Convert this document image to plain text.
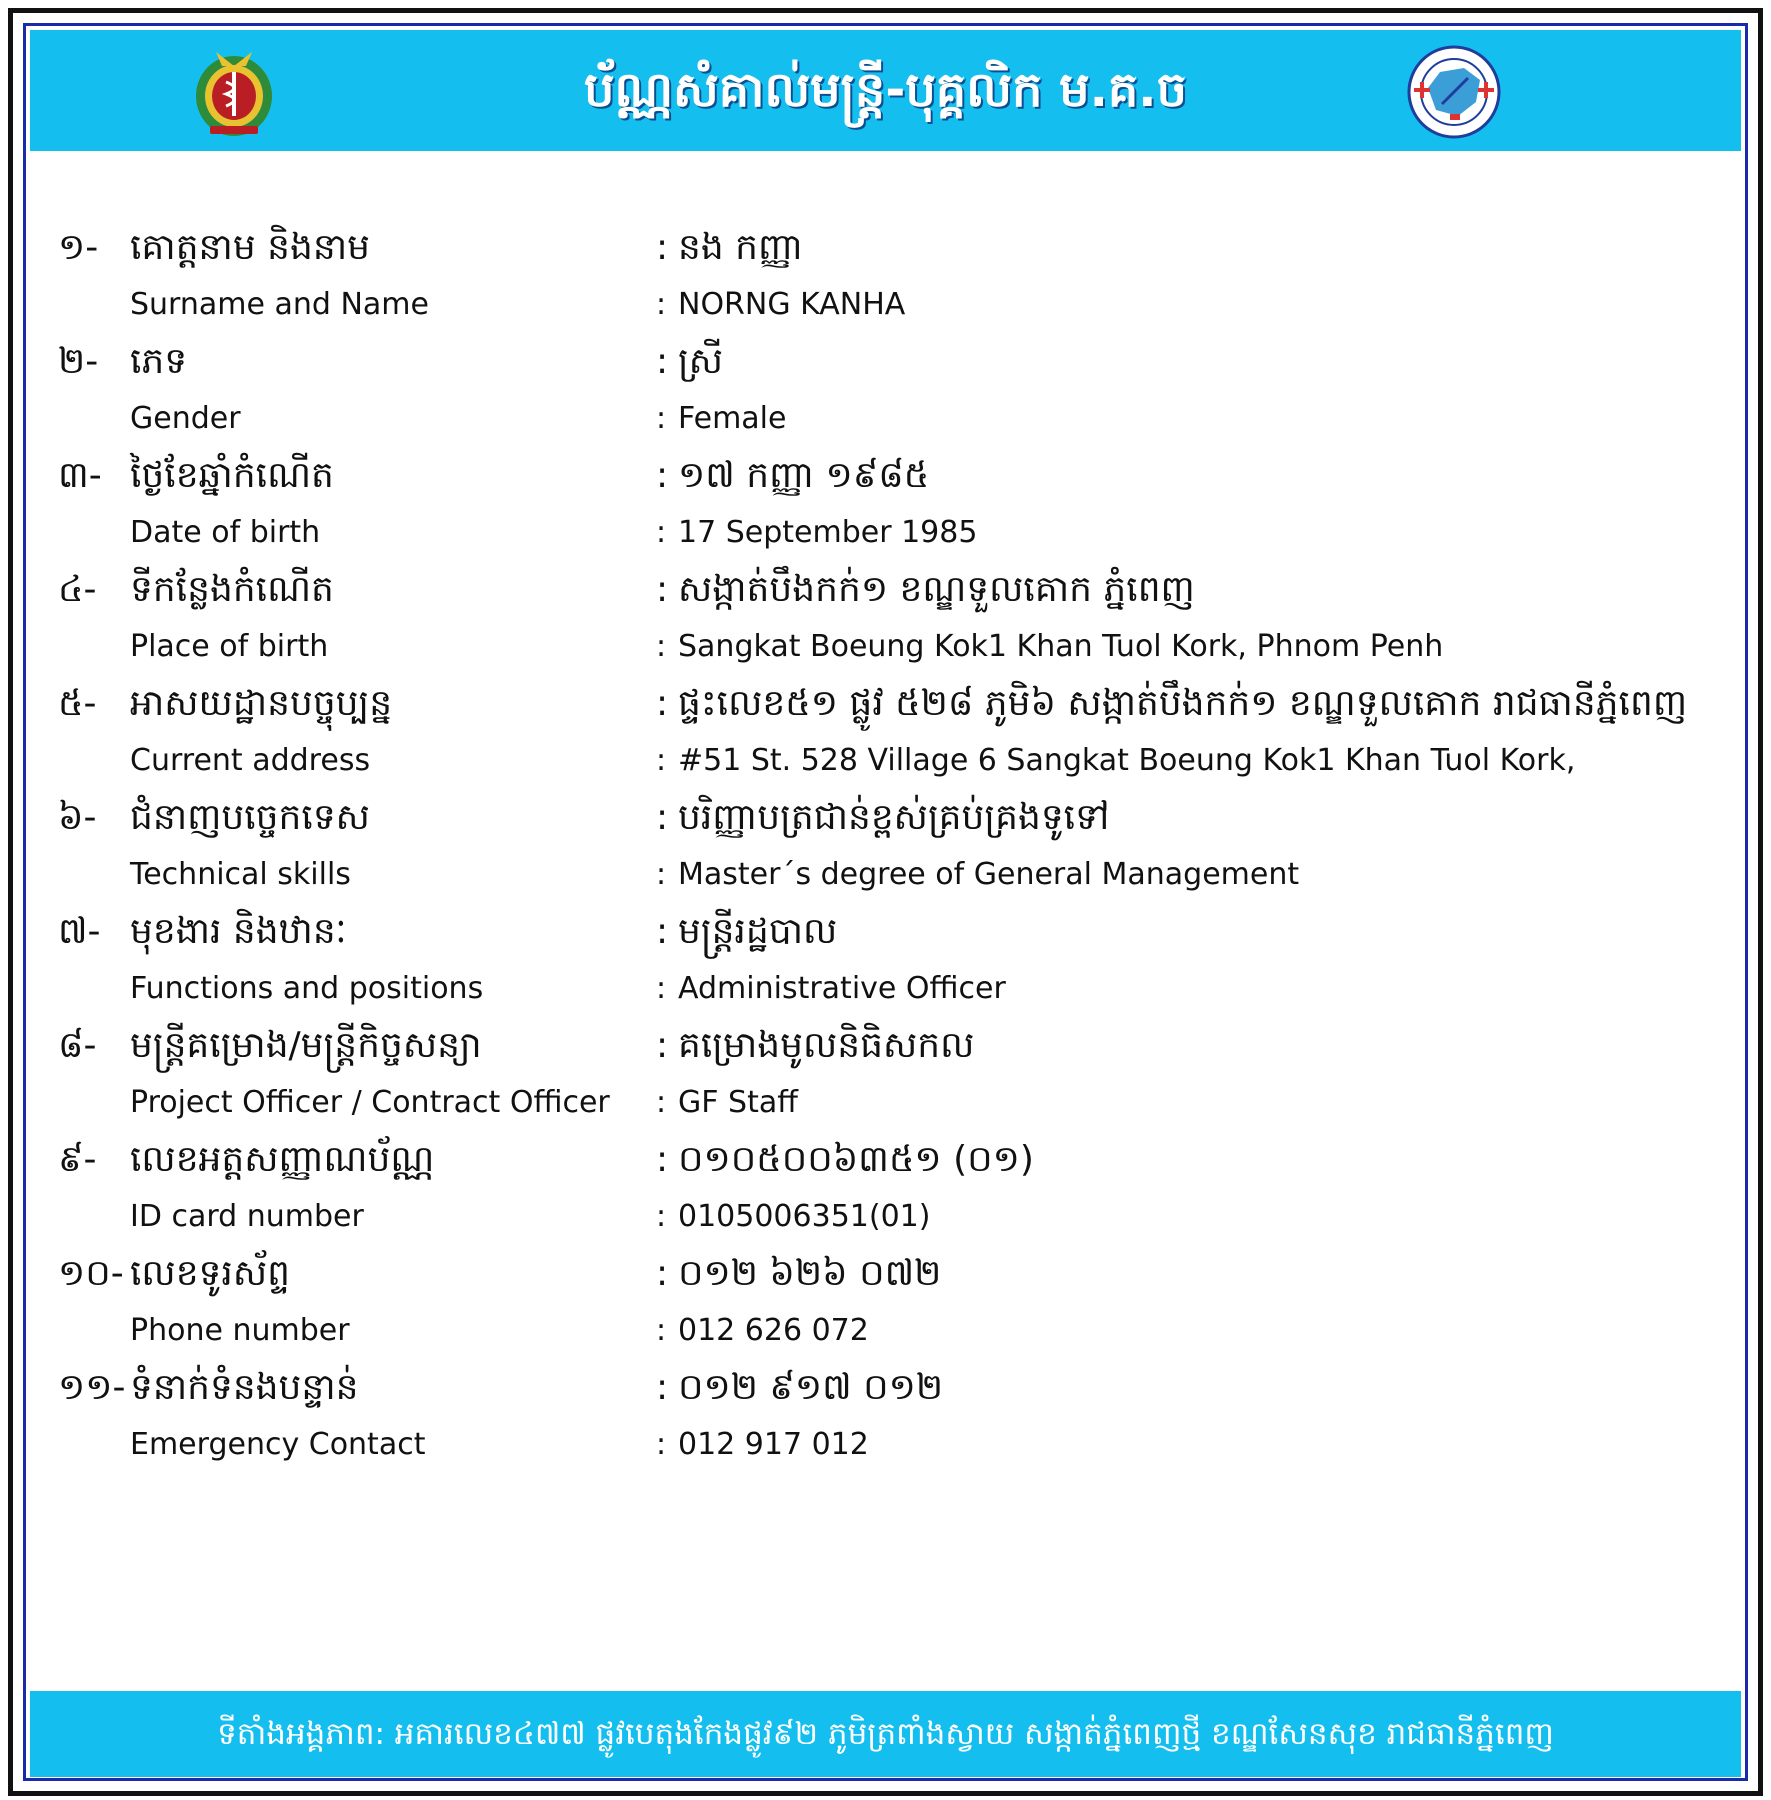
ប័ណ្ណសំគាល់មន្ត្រី-បុគ្គលិក ម.គ.ច
១- គោត្តនាម និងនាម	: នង កញ្ញា
Surname and Name	: NORNG KANHA
២- ភេទ	: ស្រី
Gender	: Female
៣- ថ្ងៃខែឆ្នាំកំណើត	: ១៧ កញ្ញា ១៩៨៥
Date of birth	: 17 September 1985
៤- ទីកន្លែងកំណើត	: សង្កាត់បឹងកក់១ ខណ្ឌទួលគោក ភ្នំពេញ
Place of birth	: Sangkat Boeung Kok1 Khan Tuol Kork, Phnom Penh
៥- អាសយដ្ឋានបច្ចុប្បន្ន	: ផ្ទះលេខ៥១ ផ្លូវ ៥២៨ ភូមិ៦ សង្កាត់បឹងកក់១ ខណ្ឌទួលគោក រាជធានីភ្នំពេញ
Current address	: #51 St. 528 Village 6 Sangkat Boeung Kok1 Khan Tuol Kork,
៦- ជំនាញបច្ចេកទេស	: បរិញ្ញាបត្រជាន់ខ្ពស់គ្រប់គ្រងទូទៅ
Technical skills	: Master´s degree of General Management
៧- មុខងារ និងឋានៈ	: មន្ត្រីរដ្ឋបាល
Functions and positions	: Administrative Officer
៨- មន្ត្រីគម្រោង/មន្ត្រីកិច្ចសន្យា	: គម្រោងមូលនិធិសកល
Project Officer / Contract Officer : GF Staff
៩- លេខអត្តសញ្ញាណប័ណ្ណ	: ០១០៥០០៦៣៥១ (០១)
ID card number	: 0105006351(01)
១០- លេខទូរស័ព្ទ	: ០១២ ៦២៦ ០៧២
Phone number	: 012 626 072
១១- ទំនាក់ទំនងបន្ទាន់	: ០១២ ៩១៧ ០១២
Emergency Contact	: 012 917 012
ទីតាំងអង្គភាព: អគារលេខ៤៧៧ ផ្លូវបេតុងកែងផ្លូវ៩២ ភូមិត្រពាំងស្វាយ សង្កាត់ភ្នំពេញថ្មី ខណ្ឌសែនសុខ រាជធានីភ្នំពេញ
